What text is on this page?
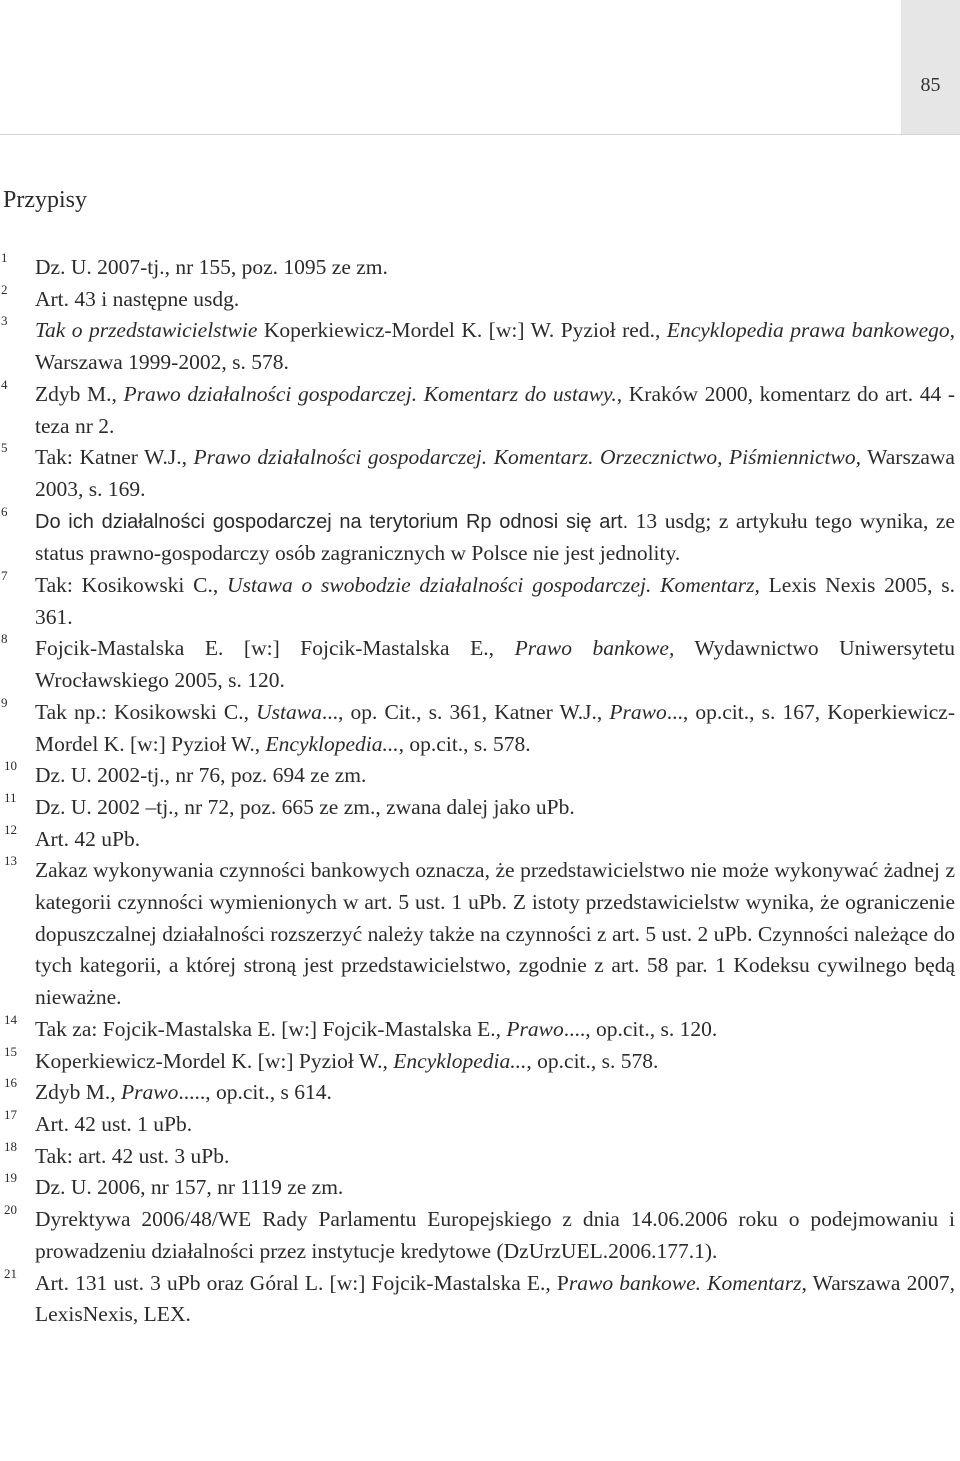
85
Przypisy
1 Dz. U. 2007-tj., nr 155, poz. 1095 ze zm.
2 Art. 43 i następne usdg.
3 Tak o przedstawicielstwie Koperkiewicz-Mordel K. [w:] W. Pyzioł red., Encyklopedia prawa bankowego, Warszawa 1999-2002, s. 578.
4 Zdyb M., Prawo działalności gospodarczej. Komentarz do ustawy., Kraków 2000, komentarz do art. 44 - teza nr 2.
5 Tak: Katner W.J., Prawo działalności gospodarczej. Komentarz. Orzecznictwo, Piśmiennictwo, Warszawa 2003, s. 169.
6 Do ich działalności gospodarczej na terytorium Rp odnosi się art. 13 usdg; z artykułu tego wynika, ze status prawno-gospodarczy osób zagranicznych w Polsce nie jest jednolity.
7 Tak: Kosikowski C., Ustawa o swobodzie działalności gospodarczej. Komentarz, Lexis Nexis 2005, s. 361.
8 Fojcik-Mastalska E. [w:] Fojcik-Mastalska E., Prawo bankowe, Wydawnictwo Uniwersytetu Wrocławskiego 2005, s. 120.
9 Tak np.: Kosikowski C., Ustawa..., op. Cit., s. 361, Katner W.J., Prawo..., op.cit., s. 167, Koperkiewicz-Mordel K. [w:] Pyzioł W., Encyklopedia..., op.cit., s. 578.
10 Dz. U. 2002-tj., nr 76, poz. 694 ze zm.
11 Dz. U. 2002 –tj., nr 72, poz. 665 ze zm., zwana dalej jako uPb.
12 Art. 42 uPb.
13 Zakaz wykonywania czynności bankowych oznacza, że przedstawicielstwo nie może wykonywać żadnej z kategorii czynności wymienionych w art. 5 ust. 1 uPb. Z istoty przedstawicielstw wynika, że ograniczenie dopuszczalnej działalności rozszerzyć należy także na czynności z art. 5 ust. 2 uPb. Czynności należące do tych kategorii, a której stroną jest przedstawicielstwo, zgodnie z art. 58 par. 1 Kodeksu cywilnego będą nieważne.
14 Tak za: Fojcik-Mastalska E. [w:] Fojcik-Mastalska E., Prawo...., op.cit., s. 120.
15 Koperkiewicz-Mordel K. [w:] Pyzioł W., Encyklopedia..., op.cit., s. 578.
16 Zdyb M., Prawo....., op.cit., s 614.
17 Art. 42 ust. 1 uPb.
18 Tak: art. 42 ust. 3 uPb.
19 Dz. U. 2006, nr 157, nr 1119 ze zm.
20 Dyrektywa 2006/48/WE Rady Parlamentu Europejskiego z dnia 14.06.2006 roku o podejmowaniu i prowadzeniu działalności przez instytucje kredytowe (DzUrzUEL.2006.177.1).
21 Art. 131 ust. 3 uPb oraz Góral L. [w:] Fojcik-Mastalska E., Prawo bankowe. Komentarz, Warszawa 2007, LexisNexis, LEX.
